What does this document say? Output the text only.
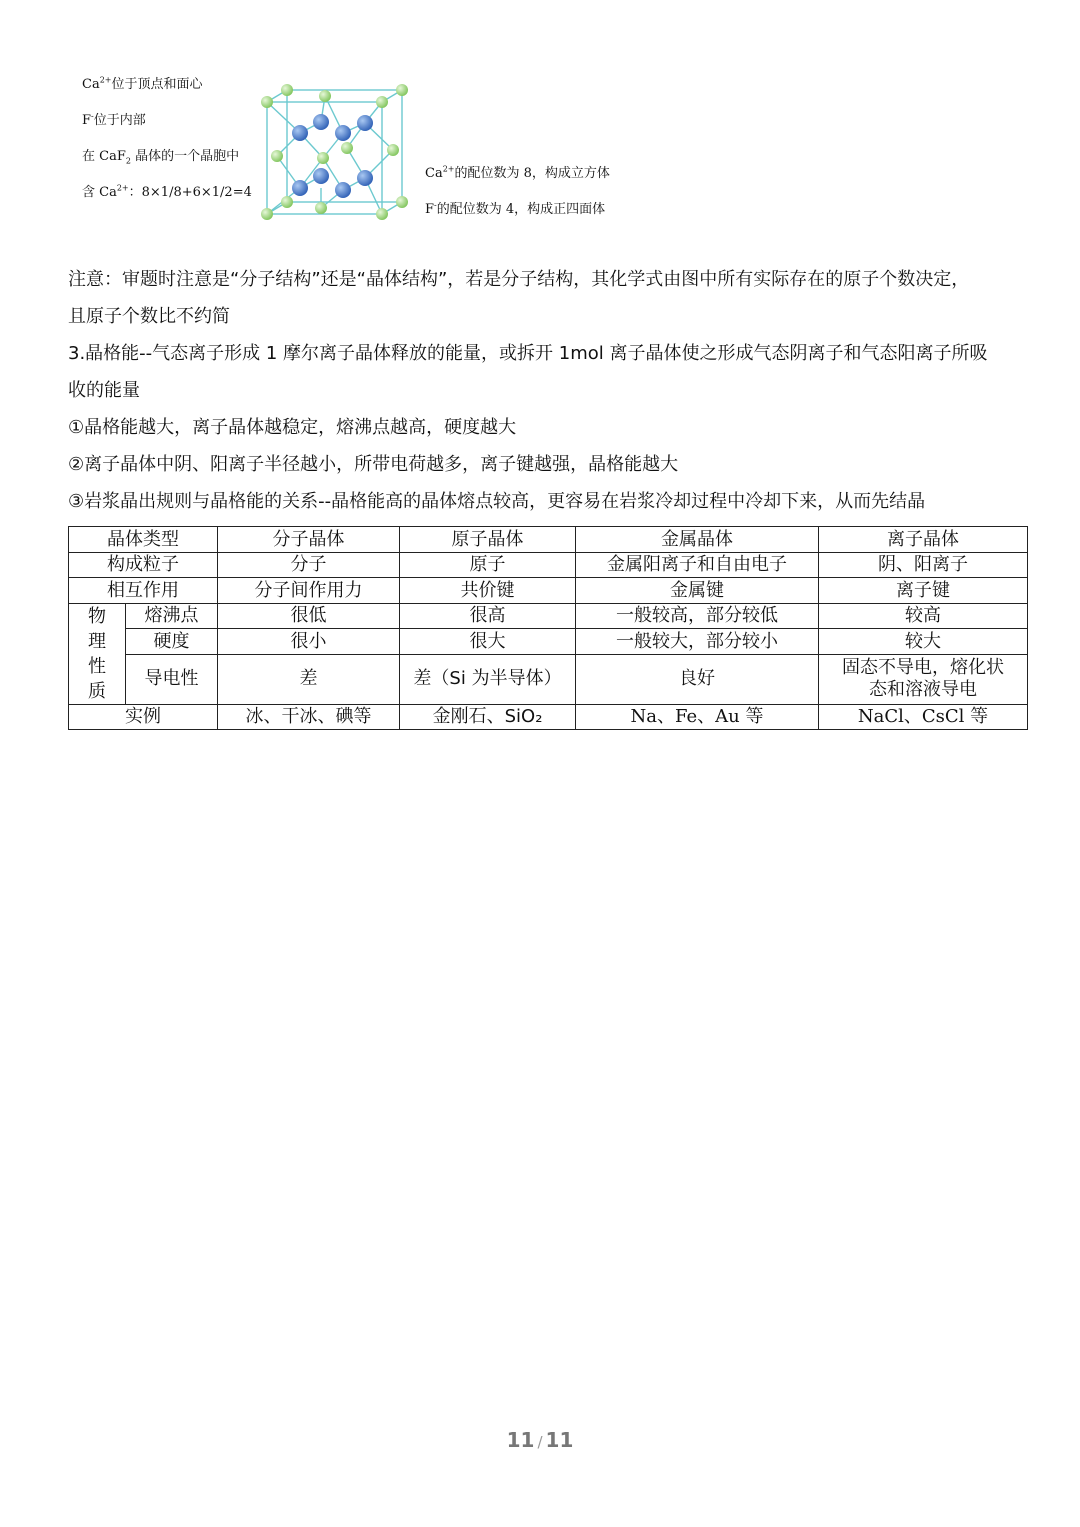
$Ca^{2+}$位于顶点和面心
F-位于内部
在 CaF$_2$ 晶体的一个晶胞中
含 $Ca^{2+}$：8×1/8+6×1/2=4
$Ca^{2+}$的配位数为 8，构成立方体
F-的配位数为 4，构成正四面体
注意：审题时注意是“分子结构”还是“晶体结构”，若是分子结构，其化学式由图中所有实际存在的原子个数决定，
且原子个数比不约简
3.晶格能--气态离子形成 1 摩尔离子晶体释放的能量，或拆开 1mol 离子晶体使之形成气态阴离子和气态阳离子所吸
收的能量
①晶格能越大，离子晶体越稳定，熔沸点越高，硬度越大
②离子晶体中阴、阳离子半径越小，所带电荷越多，离子键越强，晶格能越大
③岩浆晶出规则与晶格能的关系--晶格能高的晶体熔点较高，更容易在岩浆冷却过程中冷却下来，从而先结晶
晶体类型		分子晶体	原子晶体	金属晶体	离子晶体
构成粒子		分子	原子	金属阳离子和自由电子	阴、阳离子
相互作用		分子间作用力	共价键	金属键	离子键

物
理
性
质	熔沸点	很低	很高	一般较高，部分较低	较高
	硬度	很小	很大	一般较大，部分较小	较大
	导电性	差	差（Si 为半导体）	良好	固态不导电，熔化状
态和溶液导电

实例		冰、干冰、碘等	金刚石、SiO₂	Na、Fe、Au 等	NaCl、CsCl 等
11 / 11
